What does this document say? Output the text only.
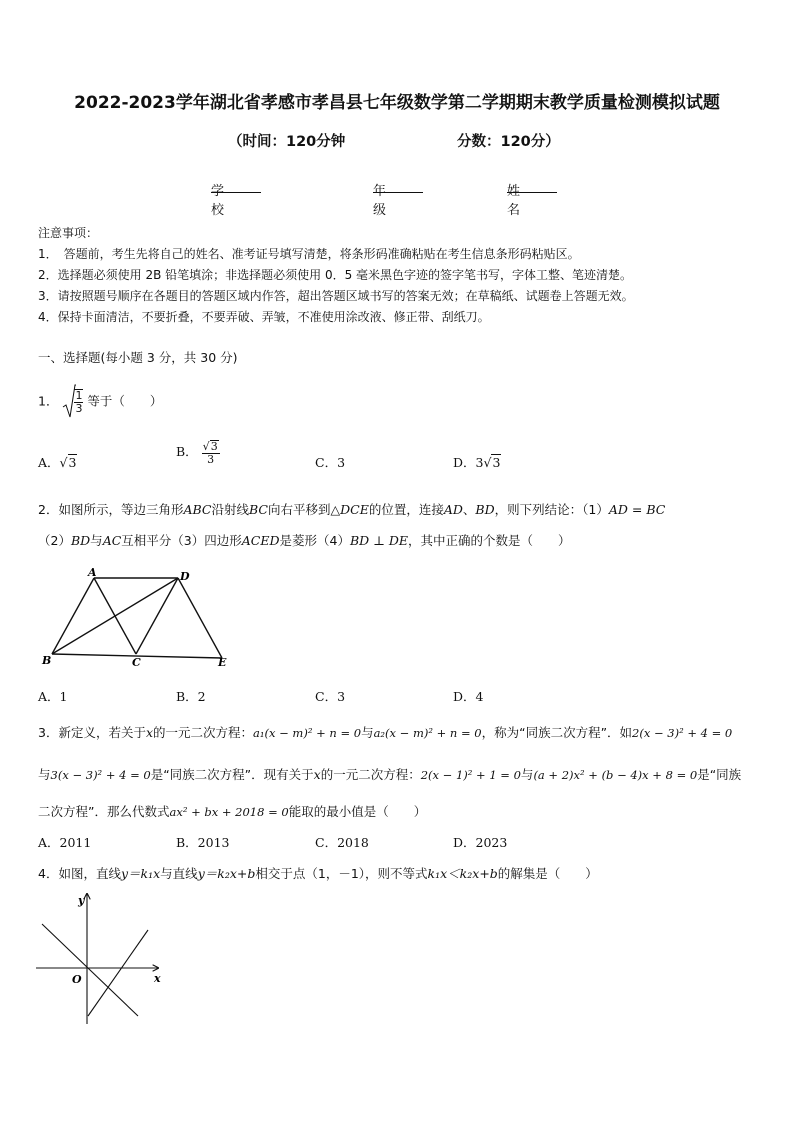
2022-2023学年湖北省孝感市孝昌县七年级数学第二学期期末教学质量检测模拟试题
（时间：120分钟	分数：120分）
学校
年级
姓名
注意事项：
1．　答题前，考生先将自己的姓名、准考证号填写清楚，将条形码准确粘贴在考生信息条形码粘贴区。
2．选择题必须使用 2B 铅笔填涂；非选择题必须使用 0．5 毫米黑色字迹的签字笔书写，字体工整、笔迹清楚。
3．请按照题号顺序在各题目的答题区域内作答，超出答题区域书写的答案无效；在草稿纸、试题卷上答题无效。
4．保持卡面清洁，不要折叠，不要弄破、弄皱，不准使用涂改液、修正带、刮纸刀。
一、选择题(每小题 3 分，共 30 分)
1． $\frac{1}{3}$ 等于（　　）
A．√3
B． $\frac{√3}{3}$	C．3	D．3√3
2．如图所示，等边三角形ABC沿射线BC向右平移到△DCE的位置，连接AD、BD，则下列结论：（1）AD = BC
（2）BD与AC互相平分（3）四边形ACED是菱形（4）BD ⊥ DE，其中正确的个数是（　　）
A	D
B	C	E
A．1	B．2	C．3	D．4
3．新定义，若关于x的一元二次方程：a₁(x − m)² + n = 0与a₂(x − m)² + n = 0，称为“同族二次方程”．如2(x − 3)² + 4 = 0
与3(x − 3)² + 4 = 0是“同族二次方程”．现有关于x的一元二次方程：2(x − 1)² + 1 = 0与(a + 2)x² + (b − 4)x + 8 = 0是“同族
二次方程”．那么代数式ax² + bx + 2018 = 0能取的最小值是（　　）
A．2011	B．2013	C．2018	D．2023
4．如图，直线y＝k₁x与直线y＝k₂x+b相交于点（1，－1），则不等式k₁x＜k₂x+b的解集是（　　）
y
x
O
